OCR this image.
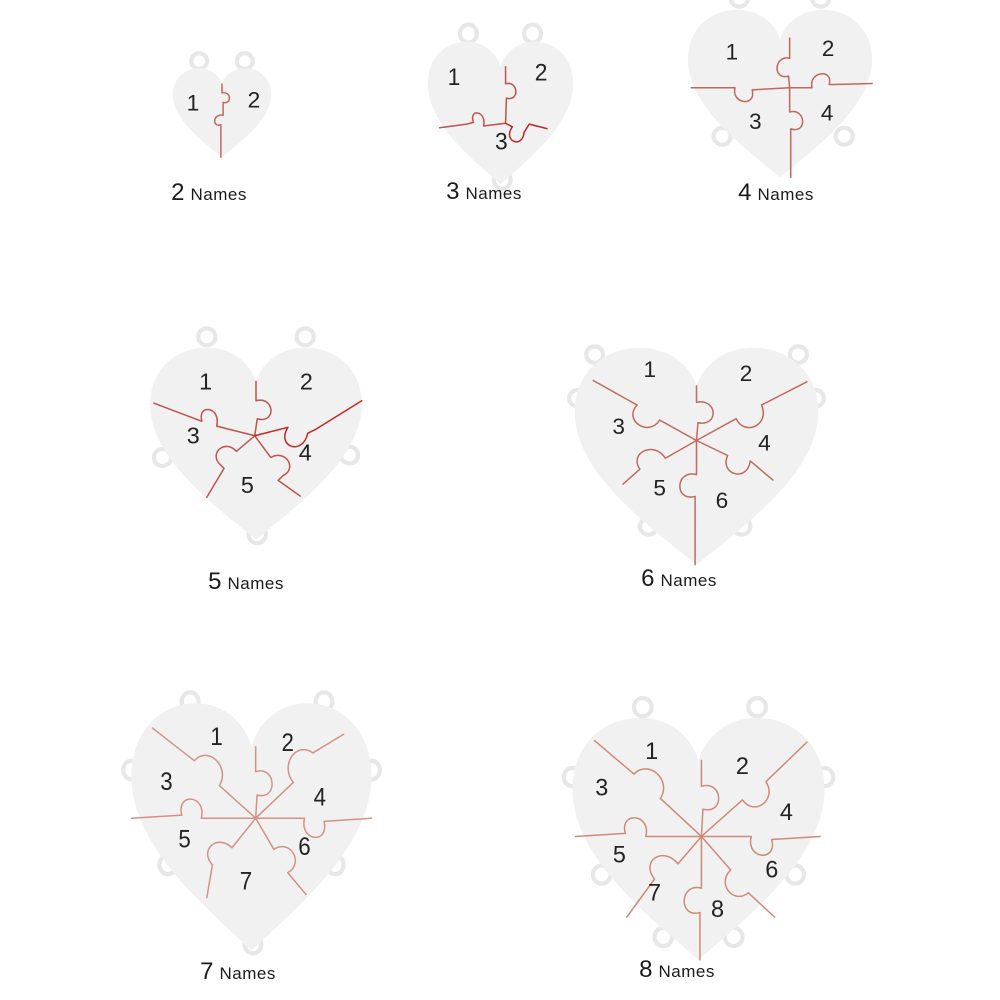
1 2
2 Names
1	2
3
3 Names
1	2
3	4
4 Names
1	2
3
4
5
5 Names
1	2
3
4
5
6
6 Names
1	2
3
4
5	6
7
7 Names
1
2
3
4
5
6
7
8
8 Names
